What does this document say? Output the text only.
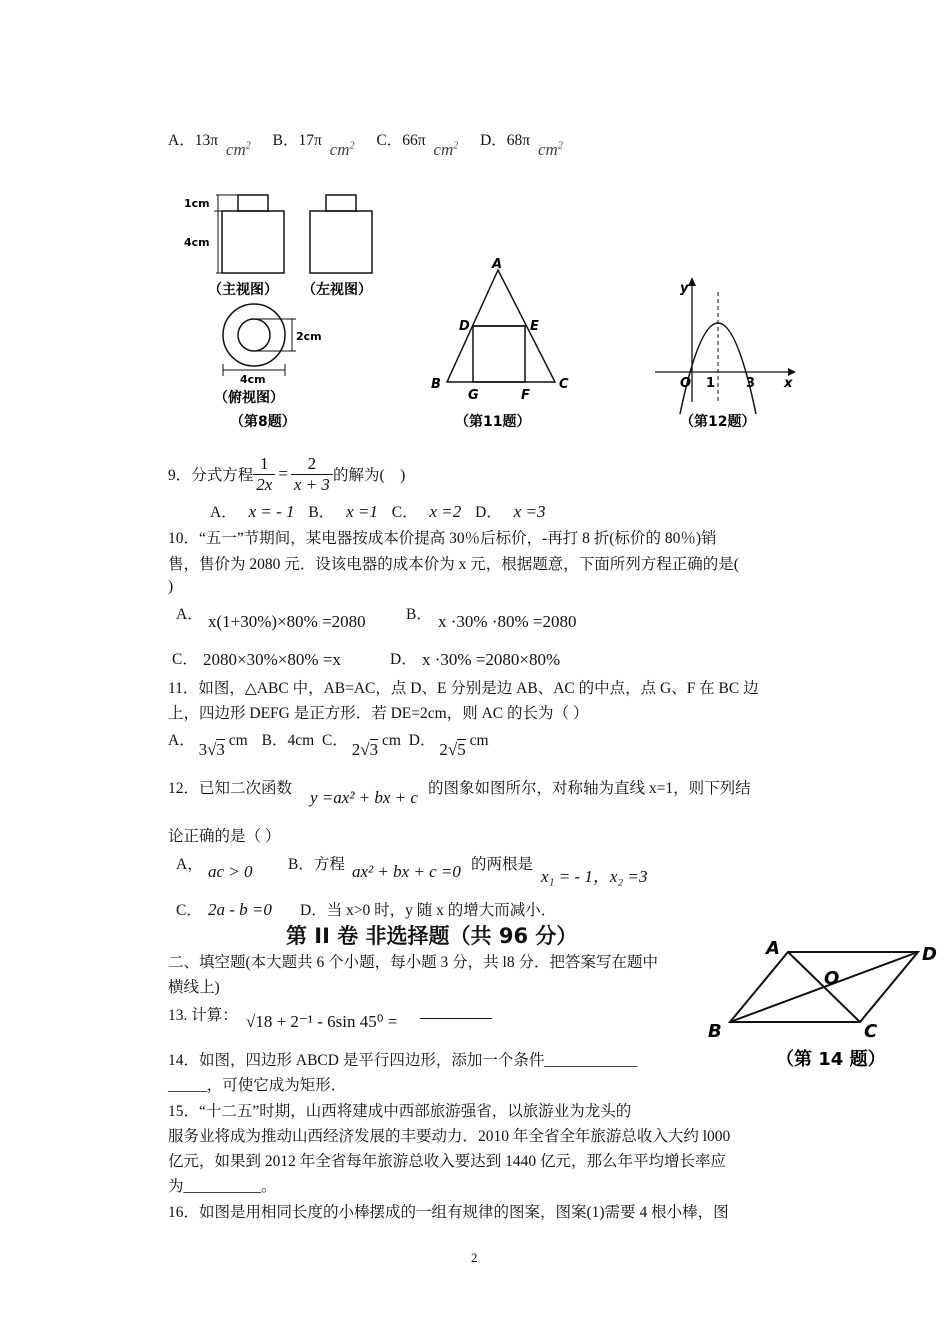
A．13π $cm^2$ B．17π $cm^2$ C．66π $cm^2$ D．68π $cm^2$
1cm
4cm
（主视图） （左视图）
2cm
4cm
（俯视图）
（第8题）
A
D	E
B
G	F
C
（第11题）
y
x
O 1 3
（第12题）
9．分式方程 $\frac{1}{2x} = \frac{2}{x + 3}$ 的解为(　)
A． x = - 1 B． x =1 C． x =2 D． x =3
10．“五一”节期间，某电器按成本价提高 30％后标价，-再打 8 折(标价的 80％)销
售，售价为 2080 元．设该电器的成本价为 x 元，根据题意，下面所列方程正确的是(
)
A． x(1+30%)×80% =2080	B． x ·30% ·80% =2080
C． 2080×30%×80% =x	D． x ·30% =2080×80%
11．如图，△ABC 中，AB=AC，点 D、E 分别是边 AB、AC 的中点，点 G、F 在 BC 边
上，四边形 DEFG 是正方形．若 DE=2cm，则 AC 的长为（ ）
A． 3√3 cm B．4cm C． 2√3 cm D． 2√5 cm
12．已知二次函数 y =ax² + bx + c 的图象如图所尔，对称轴为直线 x=1，则下列结
论正确的是（ ）
A， ac > 0 B．方程 ax² + bx + c =0 的两根是
x₁ = - 1，x₂ =3
C． 2a - b =0 D．当 x>0 时，y 随 x 的增大而减小．
第 II 卷 非选择题（共 96 分）
二、填空题(本大题共 6 个小题，每小题 3 分，共 l8 分．把答案写在题中
横线上)
13. 计算： √18 + 2⁻¹ - 6sin 45⁰ =
14．如图，四边形 ABCD 是平行四边形，添加一个条件____________
_____，可使它成为矩形．
A	D
O
B	C
（第 14 题）
15．“十二五”时期，山西将建成中西部旅游强省，以旅游业为龙头的
服务业将成为推动山西经济发展的丰要动力．2010 年全省全年旅游总收入大约 l000
亿元，如果到 2012 年全省每年旅游总收入要达到 1440 亿元，那么年平均增长率应
为__________。
16．如图是用相同长度的小棒摆成的一组有规律的图案，图案(1)需要 4 根小棒，图
2
